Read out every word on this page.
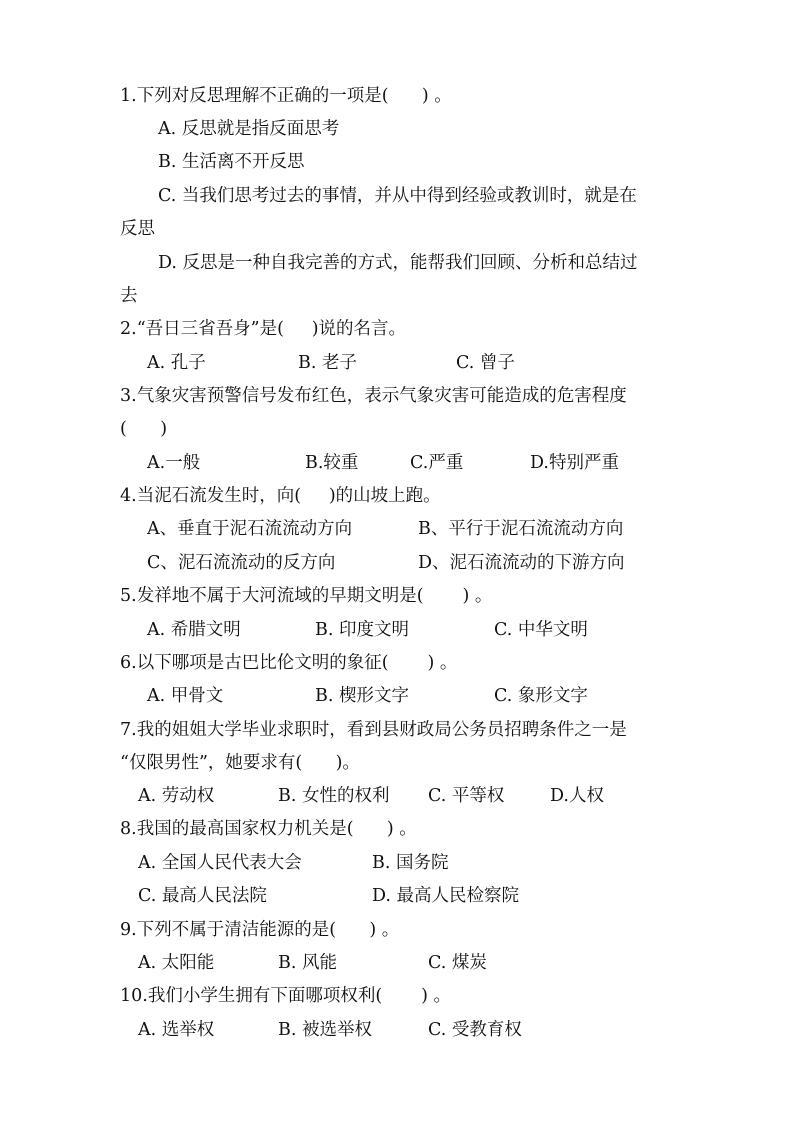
1.下列对反思理解不正确的一项是(      ) 。
A. 反思就是指反面思考
B. 生活离不开反思
C. 当我们思考过去的事情，并从中得到经验或教训时，就是在
反思
D. 反思是一种自我完善的方式，能帮我们回顾、分析和总结过
去
2.“吾日三省吾身”是(     )说的名言。
A. 孔子	B. 老子	C. 曾子
3.气象灾害预警信号发布红色，表示气象灾害可能造成的危害程度
(      )
A.一般	B.较重	C.严重	D.特别严重
4.当泥石流发生时，向(     )的山坡上跑。
A、垂直于泥石流流动方向	B、平行于泥石流流动方向
C、泥石流流动的反方向	D、泥石流流动的下游方向
5.发祥地不属于大河流域的早期文明是(       ) 。
A. 希腊文明	B. 印度文明	C. 中华文明
6.以下哪项是古巴比伦文明的象征(       ) 。
A. 甲骨文	B. 楔形文字	C. 象形文字
7.我的姐姐大学毕业求职时，看到县财政局公务员招聘条件之一是
“仅限男性”，她要求有(      )。
A. 劳动权	B. 女性的权利 C. 平等权	D.人权
8.我国的最高国家权力机关是(      ) 。
A. 全国人民代表大会	B. 国务院
C. 最高人民法院	D. 最高人民检察院
9.下列不属于清洁能源的是(      ) 。
A. 太阳能	B. 风能	C. 煤炭
10.我们小学生拥有下面哪项权利(       ) 。
A. 选举权	B. 被选举权	C. 受教育权
